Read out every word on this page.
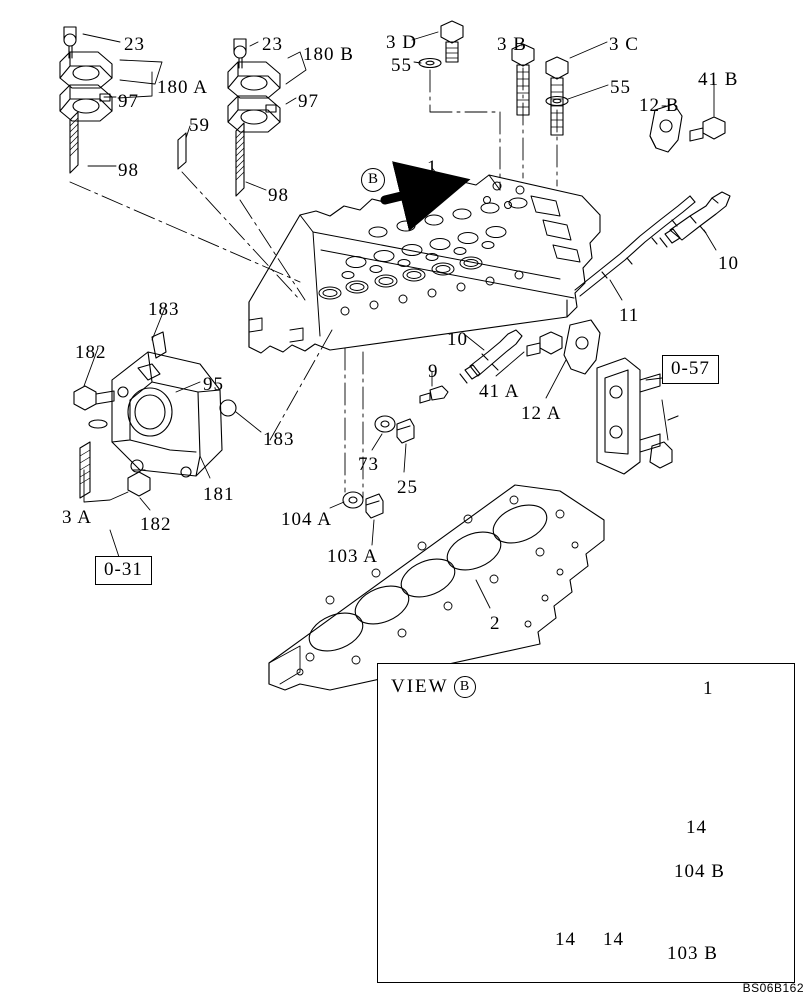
VIEW B
B
0-57
0-31
23
180 A
97
98
23 180 B
97
98
59
3 D
55
3 B	3 C
55	41 B
12 B
10
11
1
10
41 A
12 A
9
73
25
104 A
103 A
183
182
95
183
181
182
3 A
2
1
14
104 B
103 B
14 14
BS06B162
